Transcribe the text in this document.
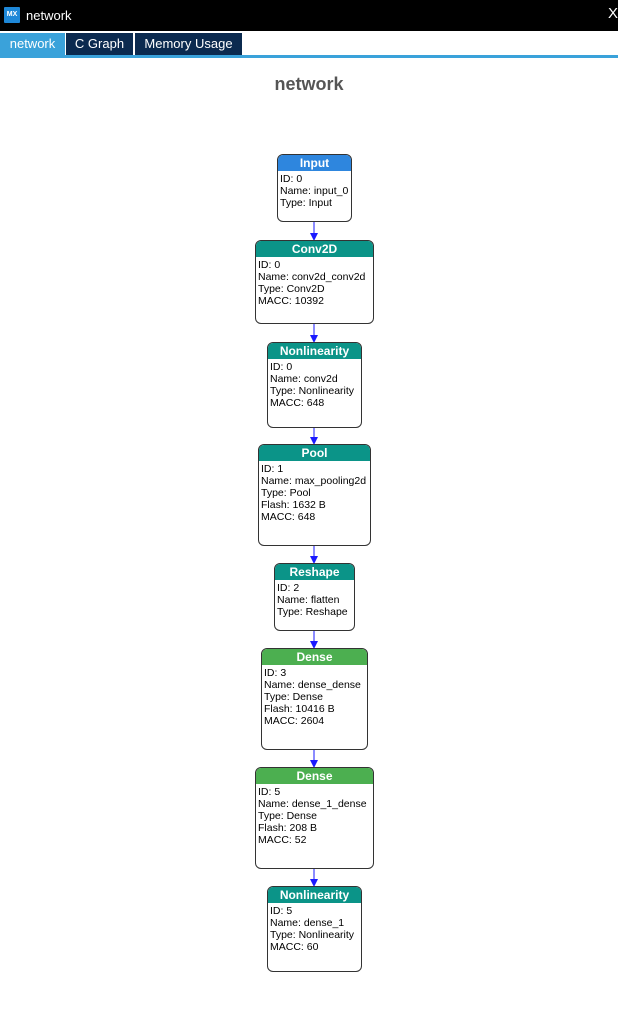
MX network	X
network	C Graph	Memory Usage
network
Input
ID: 0
Name: input_0
Type: Input
Conv2D
ID: 0
Name: conv2d_conv2d
Type: Conv2D
MACC: 10392
Nonlinearity
ID: 0
Name: conv2d
Type: Nonlinearity
MACC: 648
Pool
ID: 1
Name: max_pooling2d
Type: Pool
Flash: 1632 B
MACC: 648
Reshape
ID: 2
Name: flatten
Type: Reshape
Dense
ID: 3
Name: dense_dense
Type: Dense
Flash: 10416 B
MACC: 2604
Dense
ID: 5
Name: dense_1_dense
Type: Dense
Flash: 208 B
MACC: 52
Nonlinearity
ID: 5
Name: dense_1
Type: Nonlinearity
MACC: 60
